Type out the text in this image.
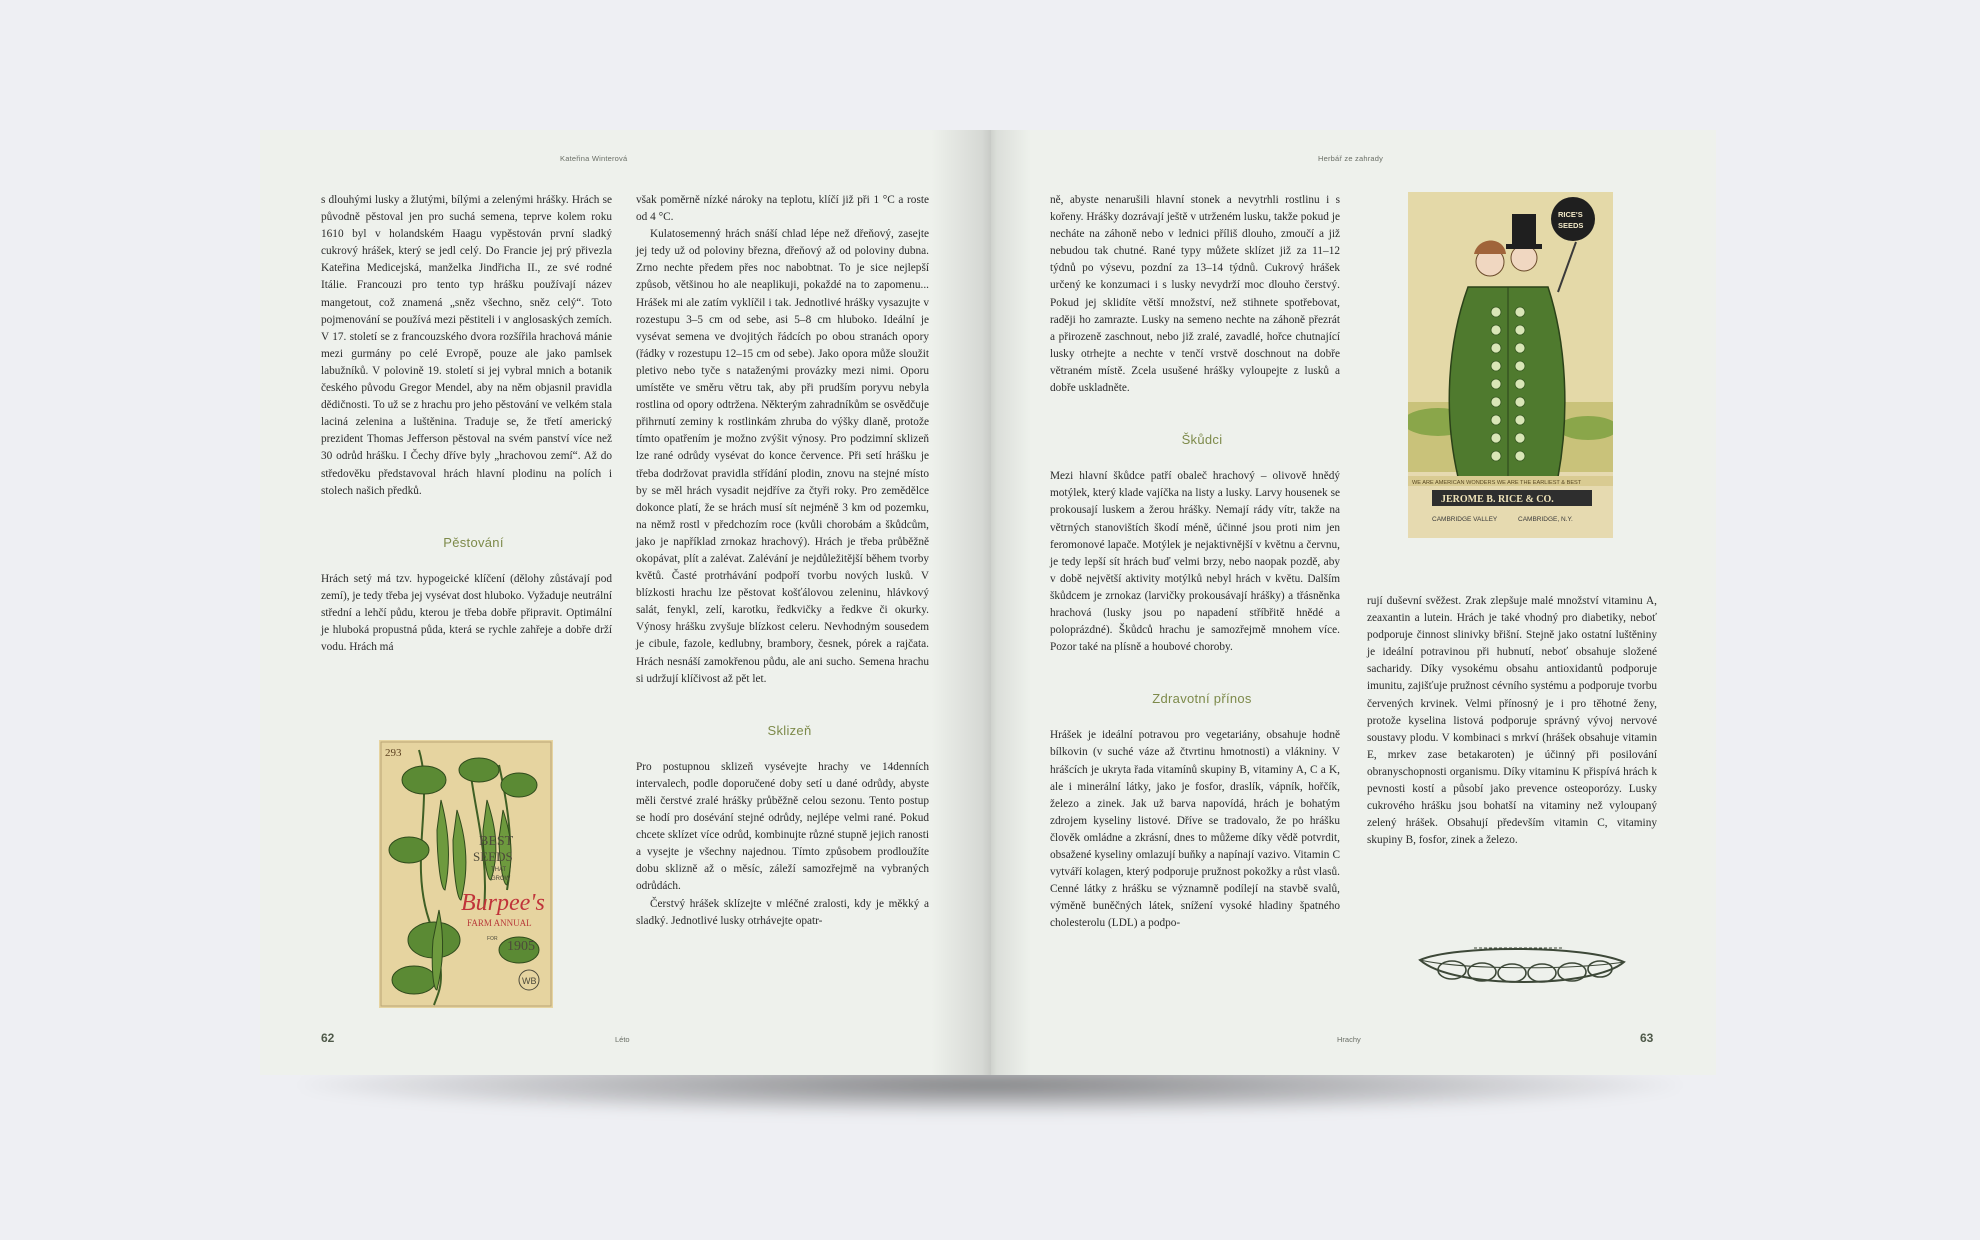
Kateřina Winterová

s dlouhými lusky a žlutými, bílými a zelenými hrášky. Hrách se původně pěstoval jen pro suchá semena, teprve kolem roku 1610 byl v holandském Haagu vypěstován první sladký cukrový hrášek, který se jedl celý. Do Francie jej prý přivezla Kateřina Medicejská, manželka Jindřicha II., ze své rodné Itálie. Francouzi pro tento typ hrášku používají název mangetout, což znamená „sněz všechno, sněz celý“. Toto pojmenování se používá mezi pěstiteli i v anglosaských zemích. V 17. století se z francouzského dvora rozšířila hrachová mánie mezi gurmány po celé Evropě, pouze ale jako pamlsek labužníků. V polovině 19. století si jej vybral mnich a botanik českého původu Gregor Mendel, aby na něm objasnil pravidla dědičnosti. To už se z hrachu pro jeho pěstování ve velkém stala laciná zelenina a luštěnina. Traduje se, že třetí americký prezident Thomas Jefferson pěstoval na svém panství více než 30 odrůd hrášku. I Čechy dříve byly „hrachovou zemí“. Až do středověku představoval hrách hlavní plodinu na polích i stolech našich předků.

Pěstování

Hrách setý má tzv. hypogeické klíčení (dělohy zůstávají pod zemí), je tedy třeba jej vysévat dost hluboko. Vyžaduje neutrální střední a lehčí půdu, kterou je třeba dobře připravit. Optimální je hluboká propustná půda, která se rychle zahřeje a dobře drží vodu. Hrách má

293
BEST
SEEDS
THAT
GROW
Burpee's
FARM ANNUAL
FOR 1905
WB

však poměrně nízké nároky na teplotu, klíčí již při 1 °C a roste od 4 °C.

Kulatosemenný hrách snáší chlad lépe než dřeňový, zasejte jej tedy už od poloviny března, dřeňový až od poloviny dubna. Zrno nechte předem přes noc nabobtnat. To je sice nejlepší způsob, většinou ho ale neaplikuji, pokaždé na to zapomenu... Hrášek mi ale zatím vyklíčil i tak. Jednotlivé hrášky vysazujte v rozestupu 3–5 cm od sebe, asi 5–8 cm hluboko. Ideální je vysévat semena ve dvojitých řádcích po obou stranách opory (řádky v rozestupu 12–15 cm od sebe). Jako opora může sloužit pletivo nebo tyče s nataženými provázky mezi nimi. Oporu umístěte ve směru větru tak, aby při prudším poryvu nebyla rostlina od opory odtržena. Některým zahradníkům se osvědčuje přihrnutí zeminy k rostlinkám zhruba do výšky dlaně, protože tímto opatřením je možno zvýšit výnosy. Pro podzimní sklizeň lze rané odrůdy vysévat do konce července. Při setí hrášku je třeba dodržovat pravidla střídání plodin, znovu na stejné místo by se měl hrách vysadit nejdříve za čtyři roky. Pro zemědělce dokonce platí, že se hrách musí sít nejméně 3 km od pozemku, na němž rostl v předchozím roce (kvůli chorobám a škůdcům, jako je například zrnokaz hrachový). Hrách je třeba průběžně okopávat, plít a zalévat. Zalévání je nejdůležitější během tvorby květů. Časté protrhávání podpoří tvorbu nových lusků. V blízkosti hrachu lze pěstovat košťálovou zeleninu, hlávkový salát, fenykl, zelí, karotku, ředkvičky a ředkve či okurky. Výnosy hrášku zvyšuje blízkost celeru. Nevhodným sousedem je cibule, fazole, kedlubny, brambory, česnek, pórek a rajčata. Hrách nesnáší zamokřenou půdu, ale ani sucho. Semena hrachu si udržují klíčivost až pět let.

Sklizeň

Pro postupnou sklizeň vysévejte hrachy ve 14denních intervalech, podle doporučené doby setí u dané odrůdy, abyste měli čerstvé zralé hrášky průběžně celou sezonu. Tento postup se hodí pro dosévání stejné odrůdy, nejlépe velmi rané. Pokud chcete sklízet více odrůd, kombinujte různé stupně jejich ranosti a vysejte je všechny najednou. Tímto způsobem prodloužíte dobu sklizně až o měsíc, záleží samozřejmě na vybraných odrůdách.

Čerstvý hrášek sklízejte v mléčné zralosti, kdy je měkký a sladký. Jednotlivé lusky otrhávejte opatr-

62	Léto
Herbář ze zahrady

ně, abyste nenarušili hlavní stonek a nevytrhli rostlinu i s kořeny. Hrášky dozrávají ještě v utrženém lusku, takže pokud je necháte na záhoně nebo v lednici příliš dlouho, zmoučí a již nebudou tak chutné. Rané typy můžete sklízet již za 11–12 týdnů po výsevu, pozdní za 13–14 týdnů. Cukrový hrášek určený ke konzumaci i s lusky nevydrží moc dlouho čerstvý. Pokud jej sklidíte větší množství, než stihnete spotřebovat, raději ho zamrazte. Lusky na semeno nechte na záhoně přezrát a přirozeně zaschnout, nebo již zralé, zavadlé, hořce chutnající lusky otrhejte a nechte v tenčí vrstvě doschnout na dobře větraném místě. Zcela usušené hrášky vyloupejte z lusků a dobře uskladněte.

Škůdci

Mezi hlavní škůdce patří obaleč hrachový – olivově hnědý motýlek, který klade vajíčka na listy a lusky. Larvy housenek se prokousají luskem a žerou hrášky. Nemají rády vítr, takže na větrných stanovištích škodí méně, účinné jsou proti nim jen feromonové lapače. Motýlek je nejaktivnější v květnu a červnu, je tedy lepší sít hrách buď velmi brzy, nebo naopak pozdě, aby v době největší aktivity motýlků nebyl hrách v květu. Dalším škůdcem je zrnokaz (larvičky prokousávají hrášky) a třásněnka hrachová (lusky jsou po napadení stříbřitě hnědé a poloprázdné). Škůdců hrachu je samozřejmě mnohem více. Pozor také na plísně a houbové choroby.

Zdravotní přínos

Hrášek je ideální potravou pro vegetariány, obsahuje hodně bílkovin (v suché váze až čtvrtinu hmotnosti) a vlákniny. V hrášcích je ukryta řada vitamínů skupiny B, vitaminy A, C a K, ale i minerální látky, jako je fosfor, draslík, vápník, hořčík, železo a zinek. Jak už barva napovídá, hrách je bohatým zdrojem kyseliny listové. Dříve se tradovalo, že po hrášku člověk omládne a zkrásní, dnes to můžeme díky vědě potvrdit, obsažené kyseliny omlazují buňky a napínají vazivo. Vitamin C vytváří kolagen, který podporuje pružnost pokožky a růst vlasů. Cenné látky z hrášku se významně podílejí na stavbě svalů, výměně buněčných látek, snížení vysoké hladiny špatného cholesterolu (LDL) a podpo-

RICE'S
SEEDS
WE ARE AMERICAN WONDERS WE ARE THE EARLIEST & BEST
JEROME B. RICE & CO.
CAMBRIDGE VALLEY	CAMBRIDGE, N.Y.

rují duševní svěžest. Zrak zlepšuje malé množství vitaminu A, zeaxantin a lutein. Hrách je také vhodný pro diabetiky, neboť podporuje činnost slinivky břišní. Stejně jako ostatní luštěniny je ideální potravinou při hubnutí, neboť obsahuje složené sacharidy. Díky vysokému obsahu antioxidantů podporuje imunitu, zajišťuje pružnost cévního systému a podporuje tvorbu červených krvinek. Velmi přínosný je i pro těhotné ženy, protože kyselina listová podporuje správný vývoj nervové soustavy plodu. V kombinaci s mrkví (hrášek obsahuje vitamin E, mrkev zase betakaroten) je účinný při posilování obranyschopnosti organismu. Díky vitaminu K přispívá hrách k pevnosti kostí a působí jako prevence osteoporózy. Lusky cukrového hrášku jsou bohatší na vitaminy než vyloupaný zelený hrášek. Obsahují především vitamin C, vitaminy skupiny B, fosfor, zinek a železo.

Hrachy	63
